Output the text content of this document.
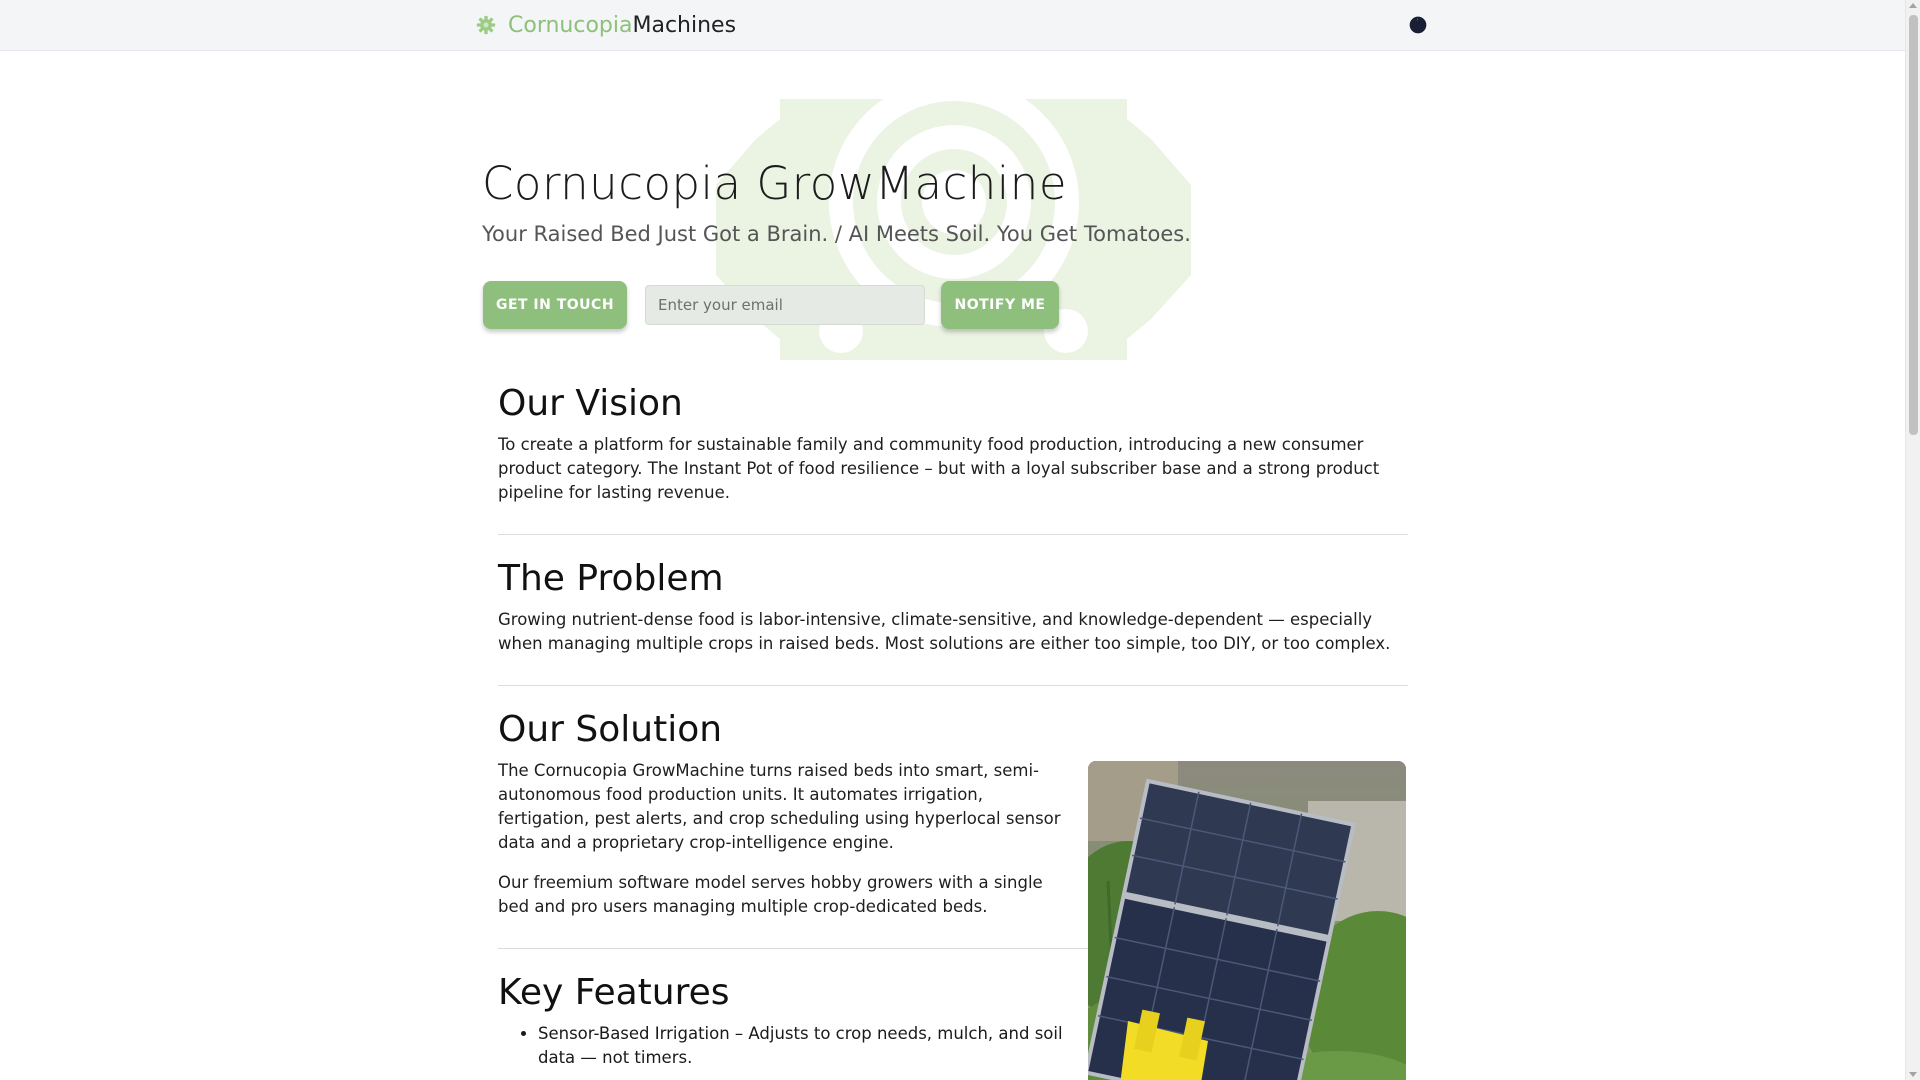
Cornucopia Machines
Cornucopia GrowMachine
Your Raised Bed Just Got a Brain. / AI Meets Soil. You Get Tomatoes.
GET IN TOUCH
Enter your email	NOTIFY ME
Our Vision

To create a platform for sustainable family and community food production, introducing a new consumer product category. The Instant Pot of food resilience – but with a loyal subscriber base and a strong product pipeline for lasting revenue.

The Problem

Growing nutrient-dense food is labor-intensive, climate-sensitive, and knowledge-dependent — especially when managing multiple crops in raised beds. Most solutions are either too simple, too DIY, or too complex.

Our Solution

The Cornucopia GrowMachine turns raised beds into smart, semi-autonomous food production units. It automates irrigation, fertigation, pest alerts, and crop scheduling using hyperlocal sensor data and a proprietary crop-intelligence engine.

Our freemium software model serves hobby growers with a single bed and pro users managing multiple crop-dedicated beds.

Key Features
• Sensor-Based Irrigation – Adjusts to crop needs, mulch, and soil data — not timers.
